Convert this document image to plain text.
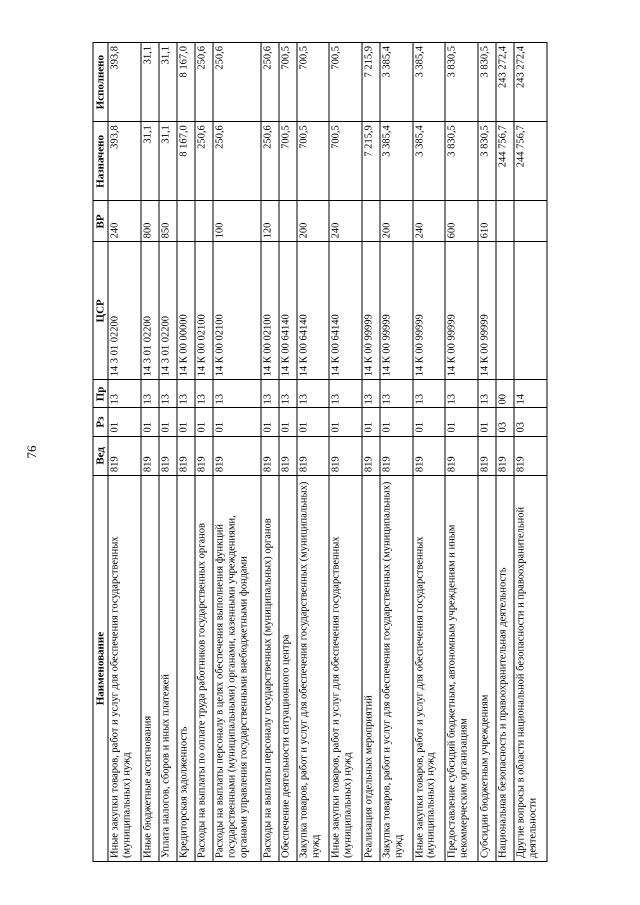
76
Наименование	Вед	Рз	Пр	ЦСР	ВР	Назначено	Исполнено
Иные закупки товаров, работ и услуг для обеспечения государственных (муниципальных) нужд	819	01	13	14 3 01 02200	240	393,8	393,8
Иные бюджетные ассигнования	819	01	13	14 3 01 02200	800	31,1	31,1
Уплата налогов, сборов и иных платежей	819	01	13	14 3 01 02200	850	31,1	31,1
Кредиторская задолженность	819	01	13	14 К 00 00000		8 167,0	8 167,0
Расходы на выплаты по оплате труда работников государственных органов	819	01	13	14 К 00 02100		250,6	250,6
Расходы на выплаты персоналу в целях обеспечения выполнения функций государственными (муниципальными) органами, казенными учреждениями, органами управления государственными внебюджетными фондами	819	01	13	14 К 00 02100	100	250,6	250,6
Расходы на выплаты персоналу государственных (муниципальных) органов	819	01	13	14 К 00 02100	120	250,6	250,6
Обеспечение деятельности ситуационного центра	819	01	13	14 К 00 64140		700,5	700,5
Закупка товаров, работ и услуг для обеспечения государственных (муниципальных) нужд	819	01	13	14 К 00 64140	200	700,5	700,5
Иные закупки товаров, работ и услуг для обеспечения государственных (муниципальных) нужд	819	01	13	14 К 00 64140	240	700,5	700,5
Реализация отдельных мероприятий	819	01	13	14 К 00 99999		7 215,9	7 215,9
Закупка товаров, работ и услуг для обеспечения государственных (муниципальных) нужд	819	01	13	14 К 00 99999	200	3 385,4	3 385,4
Иные закупки товаров, работ и услуг для обеспечения государственных (муниципальных) нужд	819	01	13	14 К 00 99999	240	3 385,4	3 385,4
Предоставление субсидий бюджетным, автономным учреждениям и иным некоммерческим организациям	819	01	13	14 К 00 99999	600	3 830,5	3 830,5
Субсидии бюджетным учреждениям	819	01	13	14 К 00 99999	610	3 830,5	3 830,5
Национальная безопасность и правоохранительная деятельность	819	03	00			244 756,7	243 272,4
Другие вопросы в области национальной безопасности и правоохранительной деятельности	819	03	14			244 756,7	243 272,4
